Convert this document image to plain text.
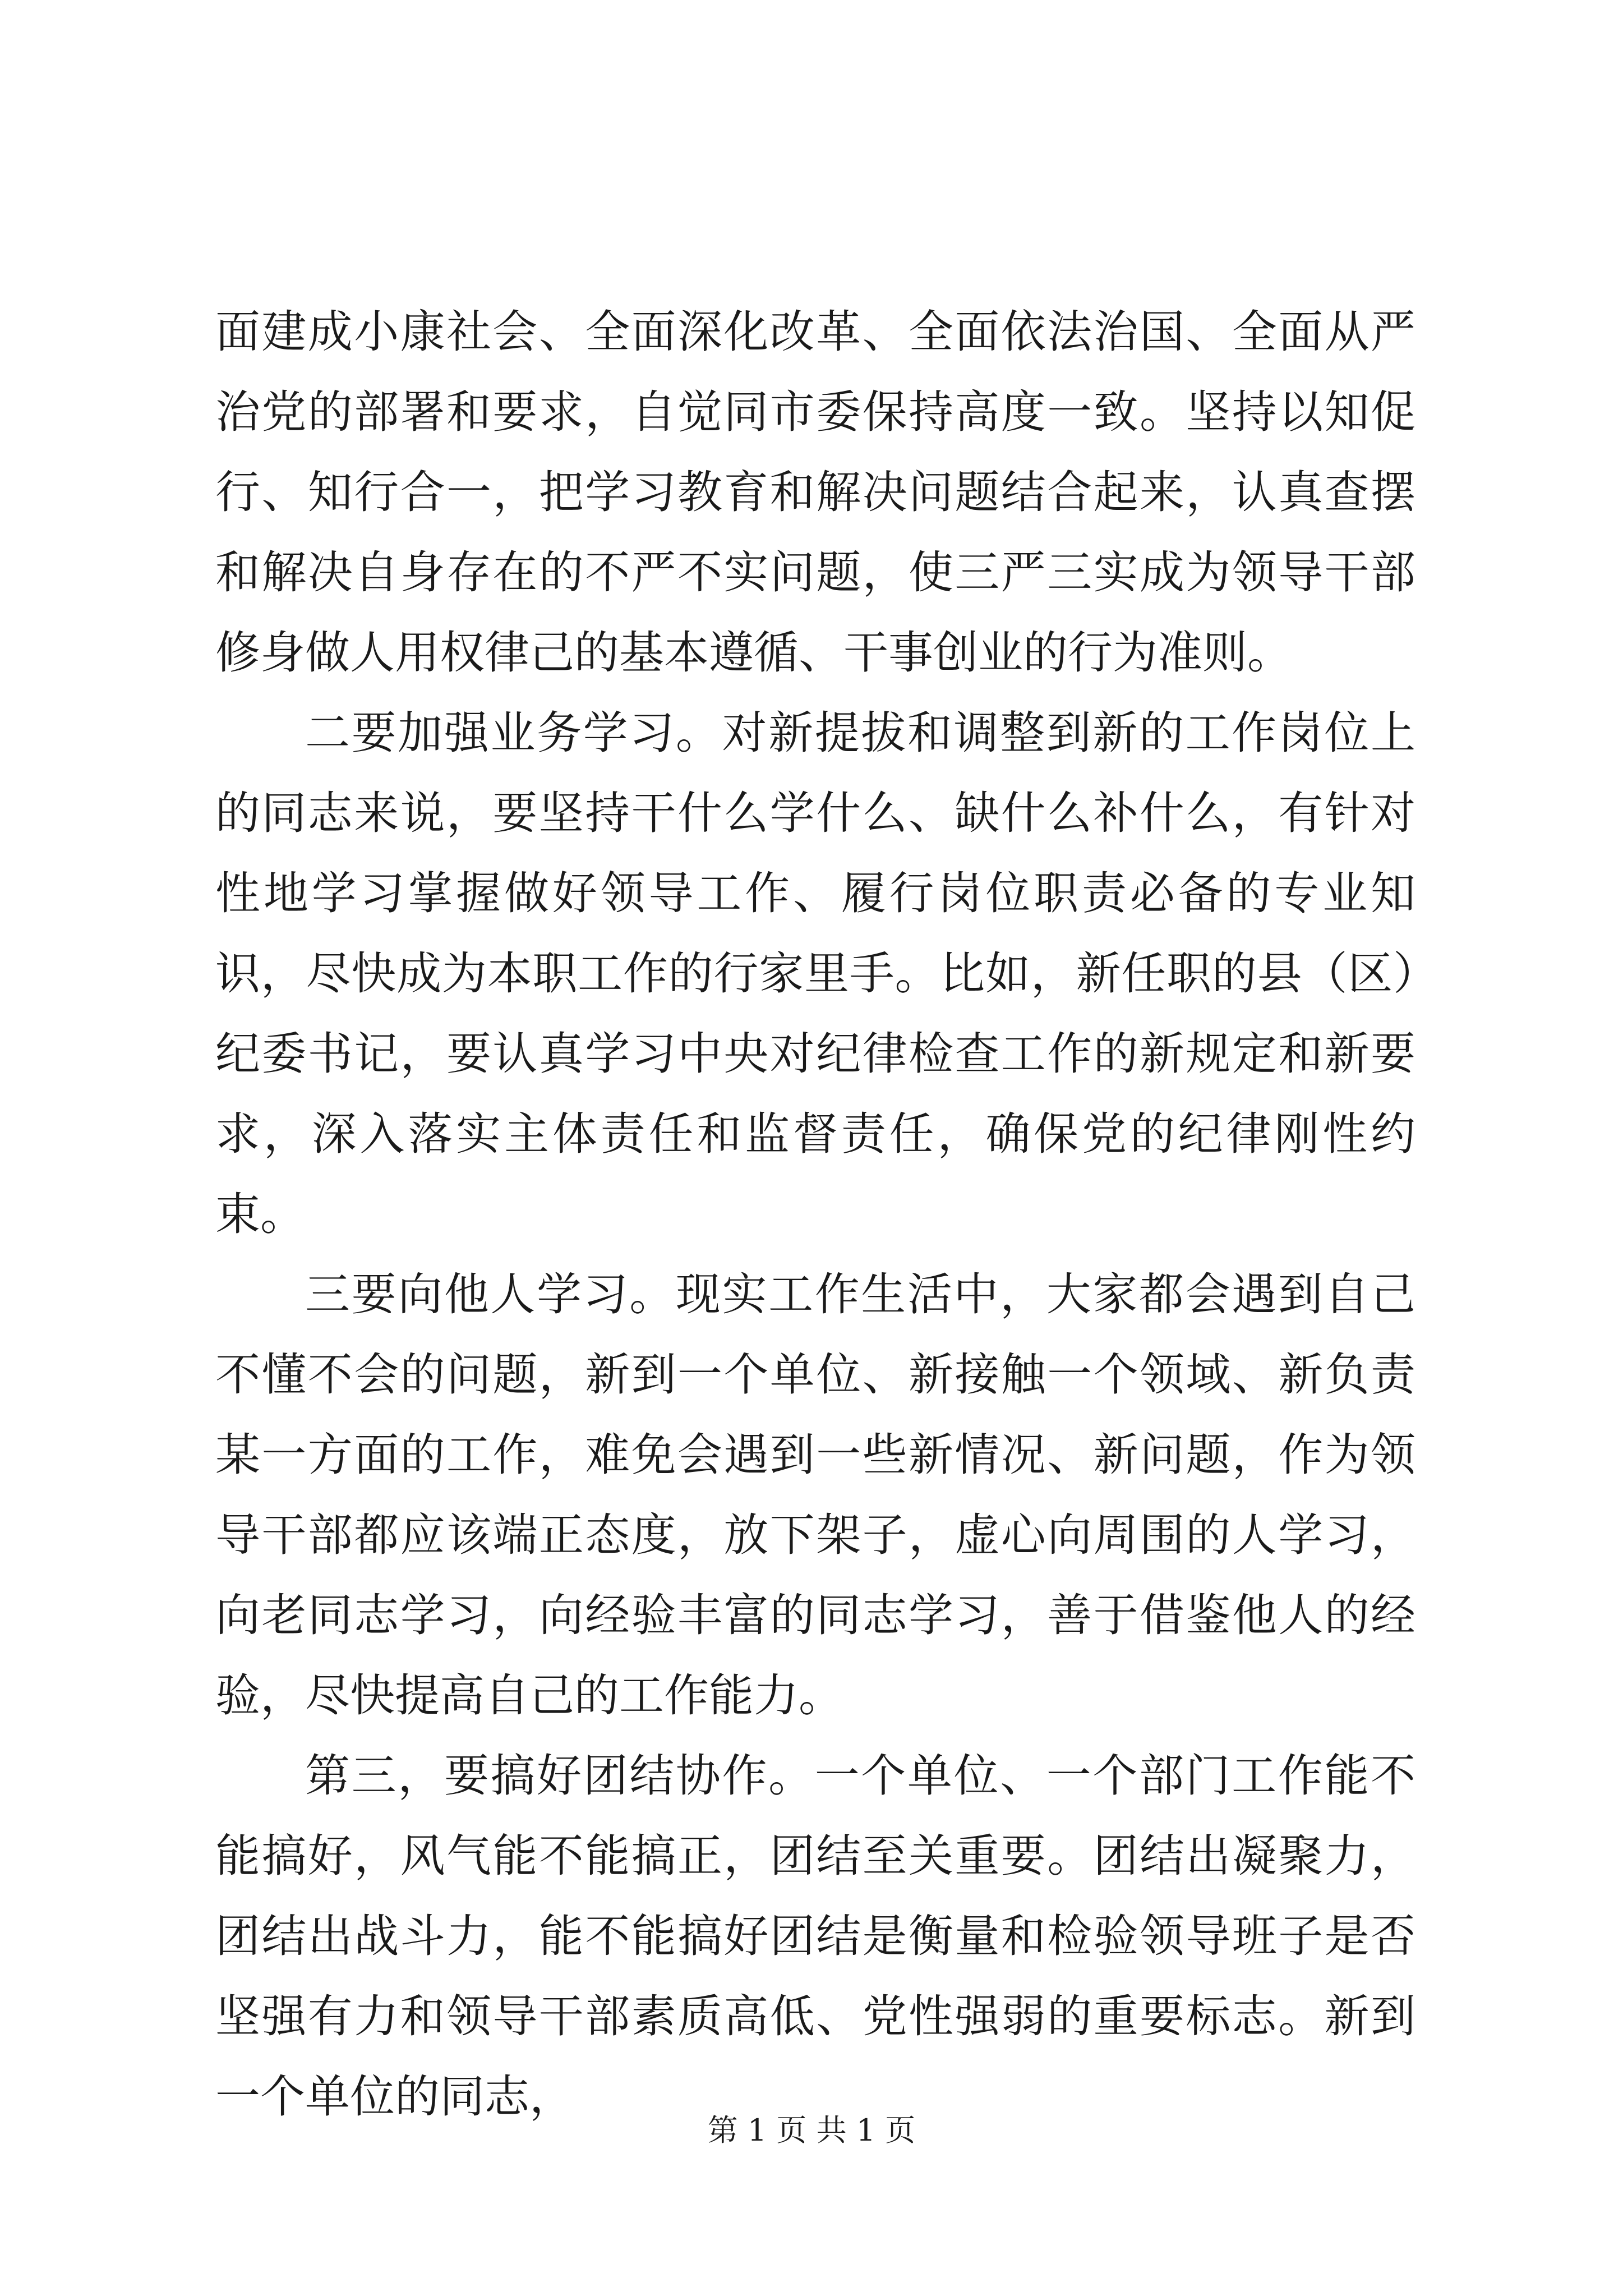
面建成小康社会、全面深化改革、全面依法治国、全面从严治党的部署和要求，自觉同市委保持高度一致。坚持以知促行、知行合一，把学习教育和解决问题结合起来，认真查摆和解决自身存在的不严不实问题，使三严三实成为领导干部修身做人用权律己的基本遵循、干事创业的行为准则。

二要加强业务学习。对新提拔和调整到新的工作岗位上的同志来说，要坚持干什么学什么、缺什么补什么，有针对性地学习掌握做好领导工作、履行岗位职责必备的专业知识，尽快成为本职工作的行家里手。比如，新任职的县（区）纪委书记，要认真学习中央对纪律检查工作的新规定和新要求，深入落实主体责任和监督责任，确保党的纪律刚性约束。

三要向他人学习。现实工作生活中，大家都会遇到自己不懂不会的问题，新到一个单位、新接触一个领域、新负责某一方面的工作，难免会遇到一些新情况、新问题，作为领导干部都应该端正态度，放下架子，虚心向周围的人学习，向老同志学习，向经验丰富的同志学习，善于借鉴他人的经验，尽快提高自己的工作能力。

第三，要搞好团结协作。一个单位、一个部门工作能不能搞好，风气能不能搞正，团结至关重要。团结出凝聚力，团结出战斗力，能不能搞好团结是衡量和检验领导班子是否坚强有力和领导干部素质高低、党性强弱的重要标志。新到一个单位的同志，

第 1 页 共 1 页
